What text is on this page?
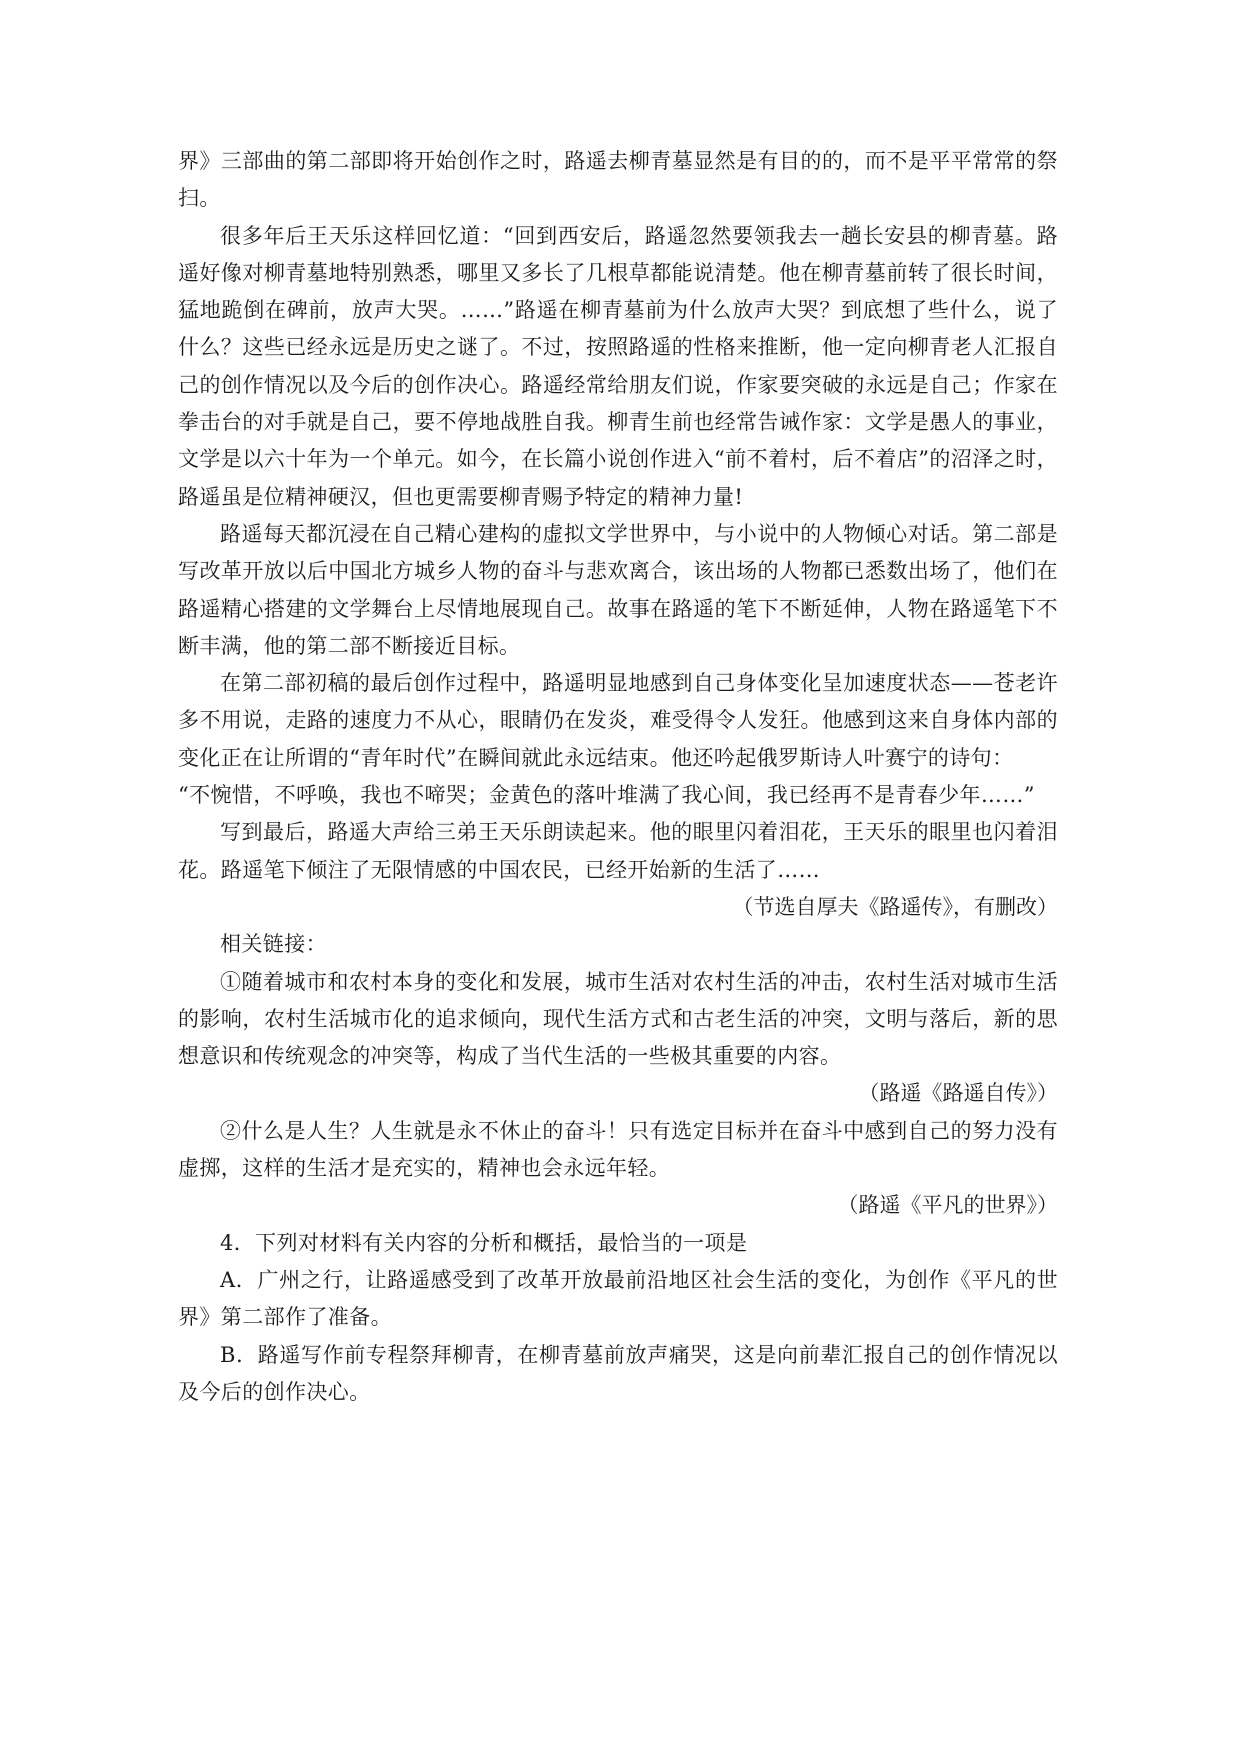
界》三部曲的第二部即将开始创作之时，路遥去柳青墓显然是有目的的，而不是平平常常的祭扫。

很多年后王天乐这样回忆道：“回到西安后，路遥忽然要领我去一趟长安县的柳青墓。路遥好像对柳青墓地特别熟悉，哪里又多长了几根草都能说清楚。他在柳青墓前转了很长时间，猛地跪倒在碑前，放声大哭。……”路遥在柳青墓前为什么放声大哭？到底想了些什么，说了什么？这些已经永远是历史之谜了。不过，按照路遥的性格来推断，他一定向柳青老人汇报自己的创作情况以及今后的创作决心。路遥经常给朋友们说，作家要突破的永远是自己；作家在拳击台的对手就是自己，要不停地战胜自我。柳青生前也经常告诫作家：文学是愚人的事业，文学是以六十年为一个单元。如今，在长篇小说创作进入“前不着村，后不着店”的沼泽之时，路遥虽是位精神硬汉，但也更需要柳青赐予特定的精神力量!

路遥每天都沉浸在自己精心建构的虚拟文学世界中，与小说中的人物倾心对话。第二部是写改革开放以后中国北方城乡人物的奋斗与悲欢离合，该出场的人物都已悉数出场了，他们在路遥精心搭建的文学舞台上尽情地展现自己。故事在路遥的笔下不断延伸，人物在路遥笔下不断丰满，他的第二部不断接近目标。

在第二部初稿的最后创作过程中，路遥明显地感到自己身体变化呈加速度状态——苍老许多不用说，走路的速度力不从心，眼睛仍在发炎，难受得令人发狂。他感到这来自身体内部的变化正在让所谓的“青年时代”在瞬间就此永远结束。他还吟起俄罗斯诗人叶赛宁的诗句：

“不惋惜，不呼唤，我也不啼哭；金黄色的落叶堆满了我心间，我已经再不是青春少年……”

写到最后，路遥大声给三弟王天乐朗读起来。他的眼里闪着泪花，王天乐的眼里也闪着泪花。路遥笔下倾注了无限情感的中国农民，已经开始新的生活了……

（节选自厚夫《路遥传》，有删改）

相关链接：

①随着城市和农村本身的变化和发展，城市生活对农村生活的冲击，农村生活对城市生活的影响，农村生活城市化的追求倾向，现代生活方式和古老生活的冲突，文明与落后，新的思想意识和传统观念的冲突等，构成了当代生活的一些极其重要的内容。

（路遥《路遥自传》）

②什么是人生？人生就是永不休止的奋斗！只有选定目标并在奋斗中感到自己的努力没有虚掷，这样的生活才是充实的，精神也会永远年轻。

（路遥《平凡的世界》）

4．下列对材料有关内容的分析和概括，最恰当的一项是

A．广州之行，让路遥感受到了改革开放最前沿地区社会生活的变化，为创作《平凡的世界》第二部作了准备。

B．路遥写作前专程祭拜柳青，在柳青墓前放声痛哭，这是向前辈汇报自己的创作情况以及今后的创作决心。
